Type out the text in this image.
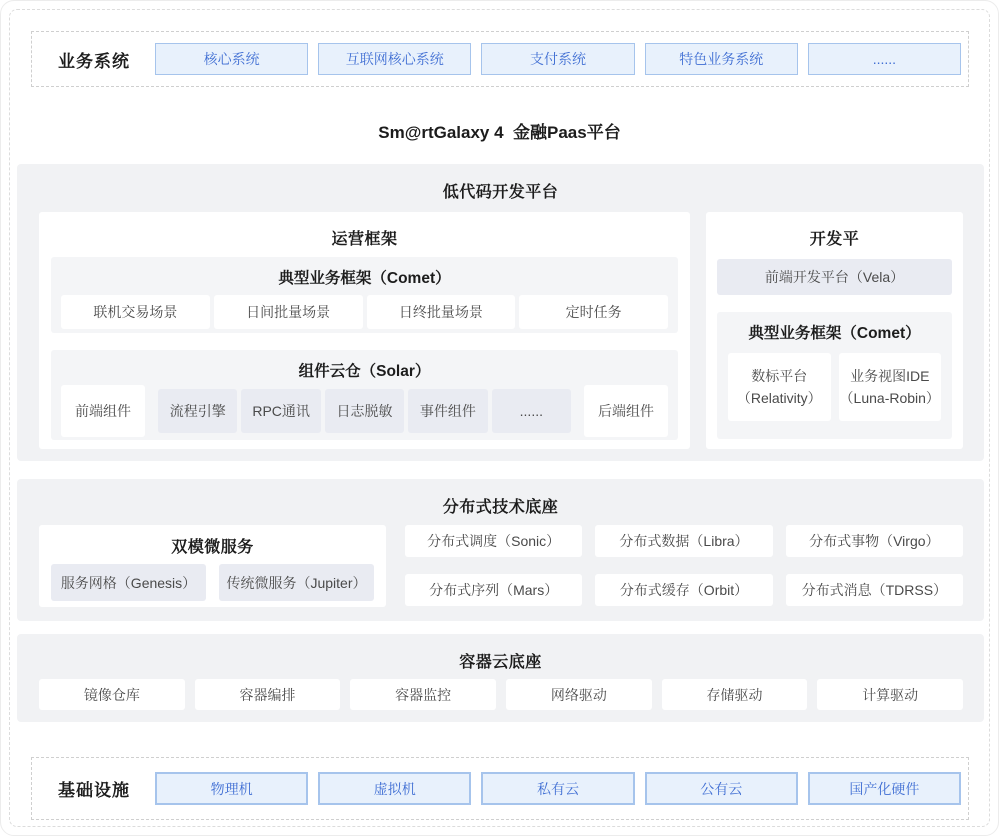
业务系统	核心系统	互联网核心系统	支付系统	特色业务系统	......
Sm@rtGalaxy 4  金融Paas平台
低代码开发平台
运营框架
典型业务框架（Comet）
联机交易场景	日间批量场景	日终批量场景	定时任务
组件云仓（Solar）
前端组件	流程引擎	RPC通讯	日志脱敏	事件组件	......	后端组件
开发平
前端开发平台（Vela）
典型业务框架（Comet）
数标平台
（Relativity）
业务视图IDE
（Luna-Robin）
分布式技术底座
双模微服务
服务网格（Genesis）	传统微服务（Jupiter）
分布式调度（Sonic）	分布式数据（Libra）	分布式事物（Virgo）
分布式序列（Mars）	分布式缓存（Orbit）	分布式消息（TDRSS）
容器云底座
镜像仓库	容器编排	容器监控	网络驱动	存储驱动	计算驱动
基础设施	物理机	虚拟机	私有云	公有云	国产化硬件
